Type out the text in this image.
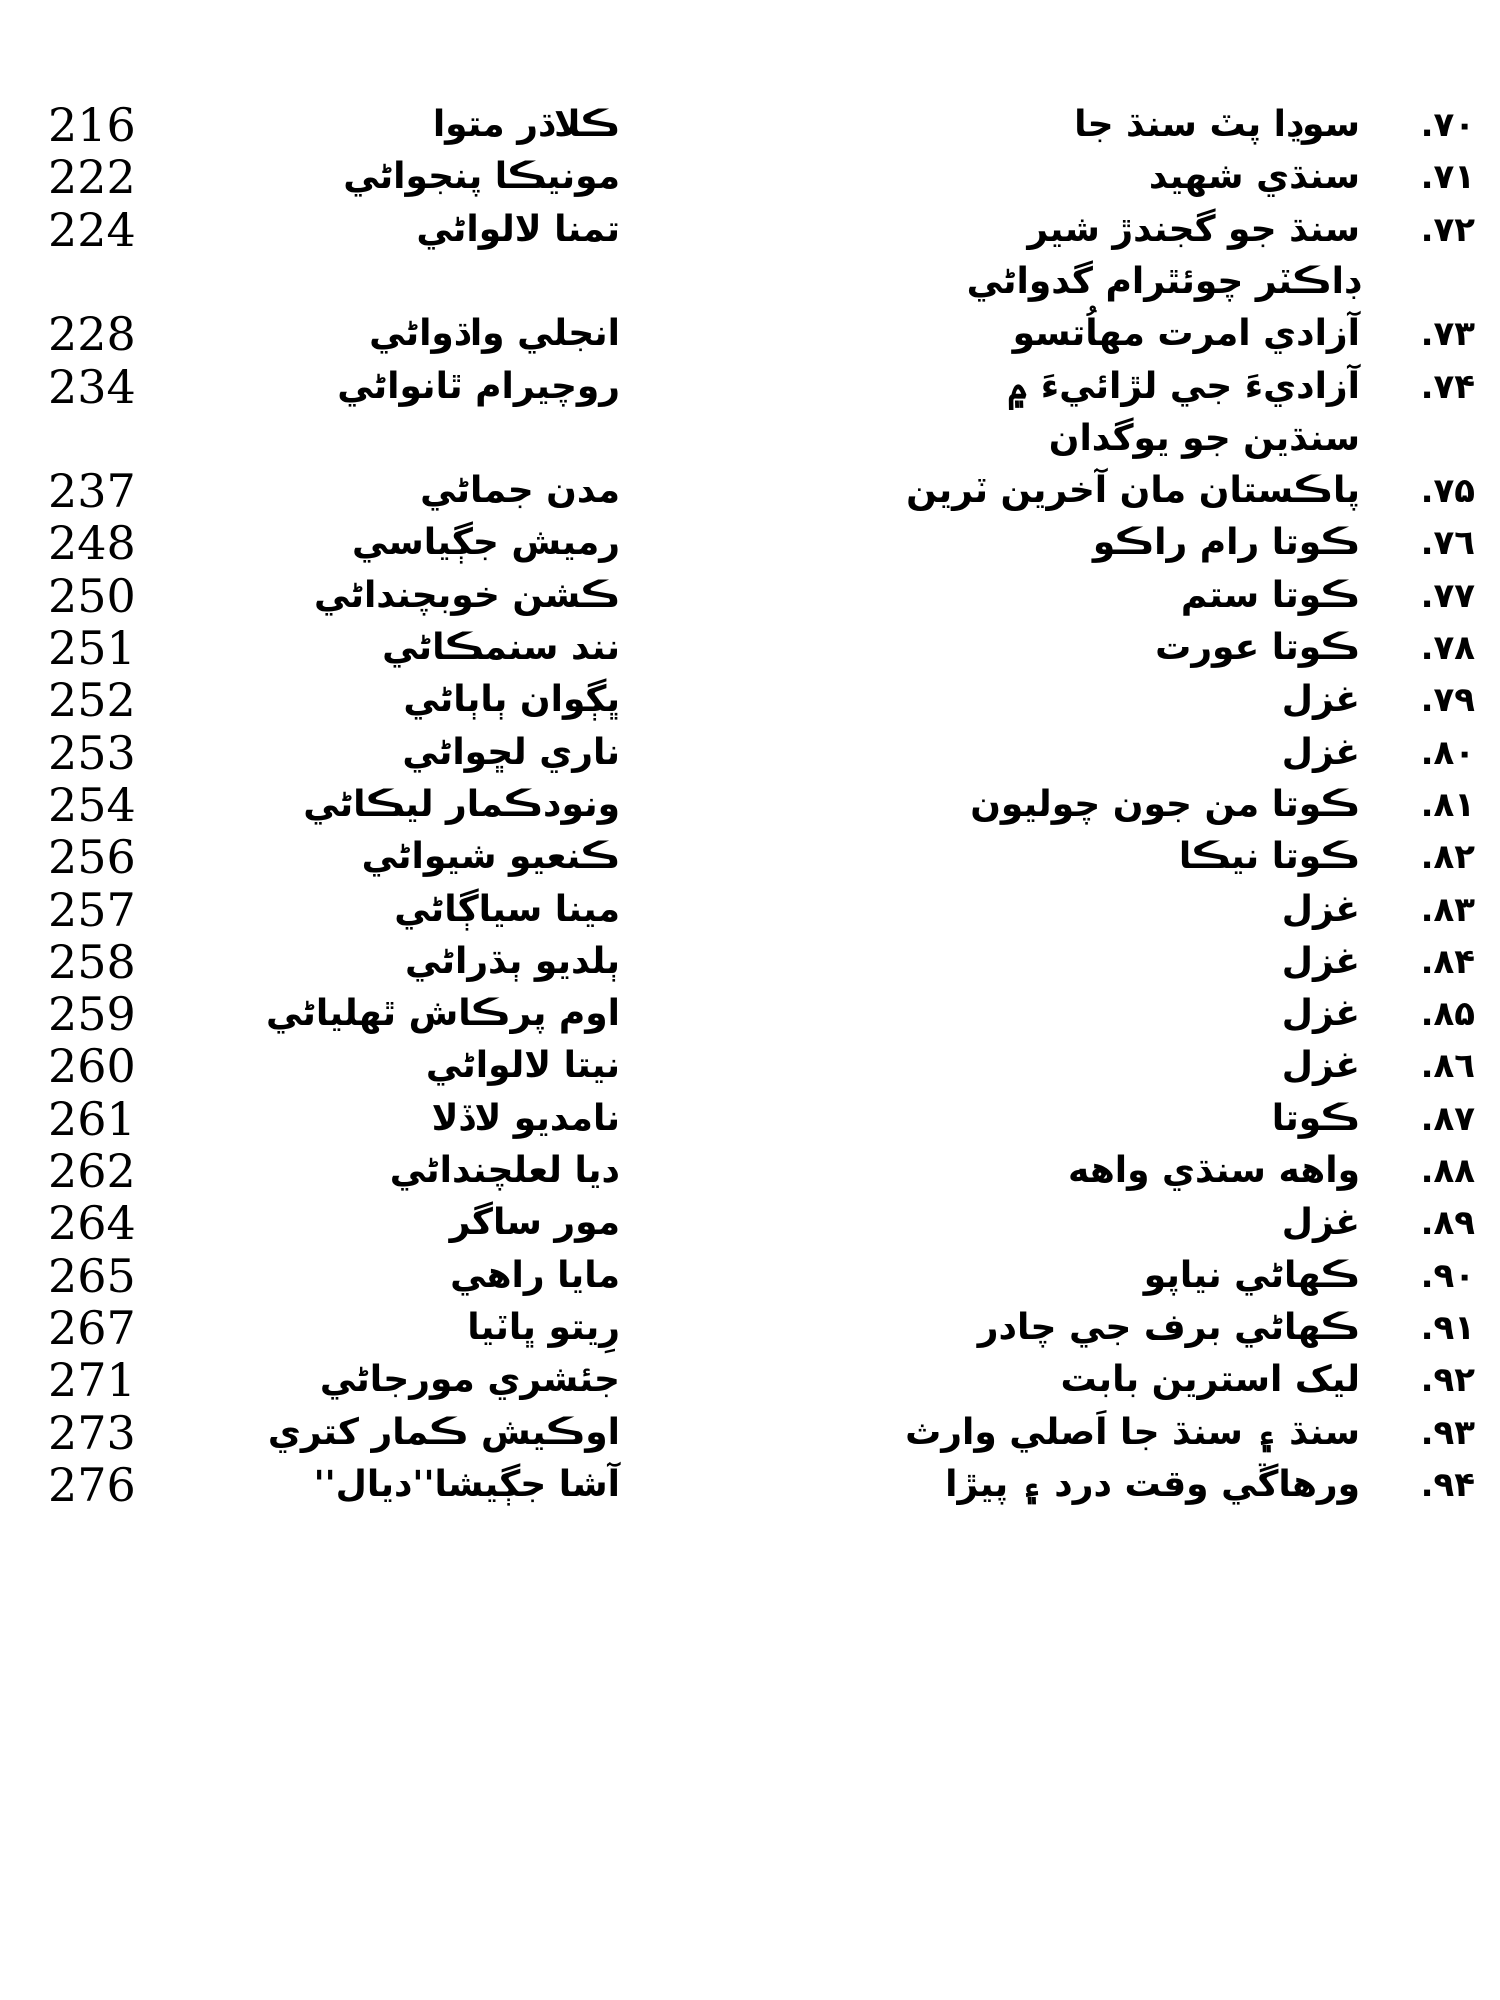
۷۰.
سوڍا پٽ سنڌ جا
ڪلاڌر متوا
216
۷۱.
سنڌي شهيد
مونيڪا پنجواڻي
222
۷۲.
سنڌ جو گجندڙ شير
تمنا لالواڻي
224
ڊاڪٽر چوئٿرام گدواڻي
۷۳.
آزادي امرت مهاُتسو
انجلي واڌواڻي
228
۷۴.
آزاديءَ جي لڙائيءَ ۾
روچيرام ٿانواڻي
234
سنڌين جو يوگدان
۷۵.
پاڪستان مان آخرين ٽرين
مدن جماڻي
237
۷٦.
ڪوتا رام راڪو
رميش جڳياسي
248
۷۷.
ڪوتا ستم
ڪشن خوبچنداڻي
250
۷۸.
ڪوتا عورت
نند سنمڪاڻي
251
۷۹.
غزل
ڀڳوان ٻاٻاڻي
252
۸۰.
غزل
ناري لڇواڻي
253
۸۱.
ڪوتا من جون چوليون
ونودڪمار ليڪاڻي
254
۸۲.
ڪوتا نيڪا
ڪنعيو شيواڻي
256
۸۳.
غزل
مينا سياڳاڻي
257
۸۴.
غزل
ٻلديو ٻڌراڻي
258
۸۵.
غزل
اوم پرڪاش ٿهلياڻي
259
۸٦.
غزل
نيتا لالواڻي
260
۸۷.
ڪوتا
نامديو لاڏلا
261
۸۸.
واهه سنڌي واهه
ديا لعلچنداڻي
262
۸۹.
غزل
مور ساگر
264
۹۰.
ڪهاڻي نياپو
مايا راهي
265
۹۱.
ڪهاڻي برف جي چادر
رِيتو ڀاٽيا
267
۹۲.
ليک استرين بابت
جئشري مورجاڻي
271
۹۳.
سنڌ ۽ سنڌ جا اَصلي وارث
اوڪيش ڪمار کتري
273
۹۴.
ورهاڱي وقت درد ۽ پيڙا
آشا جڳيشا''ديال''
276
